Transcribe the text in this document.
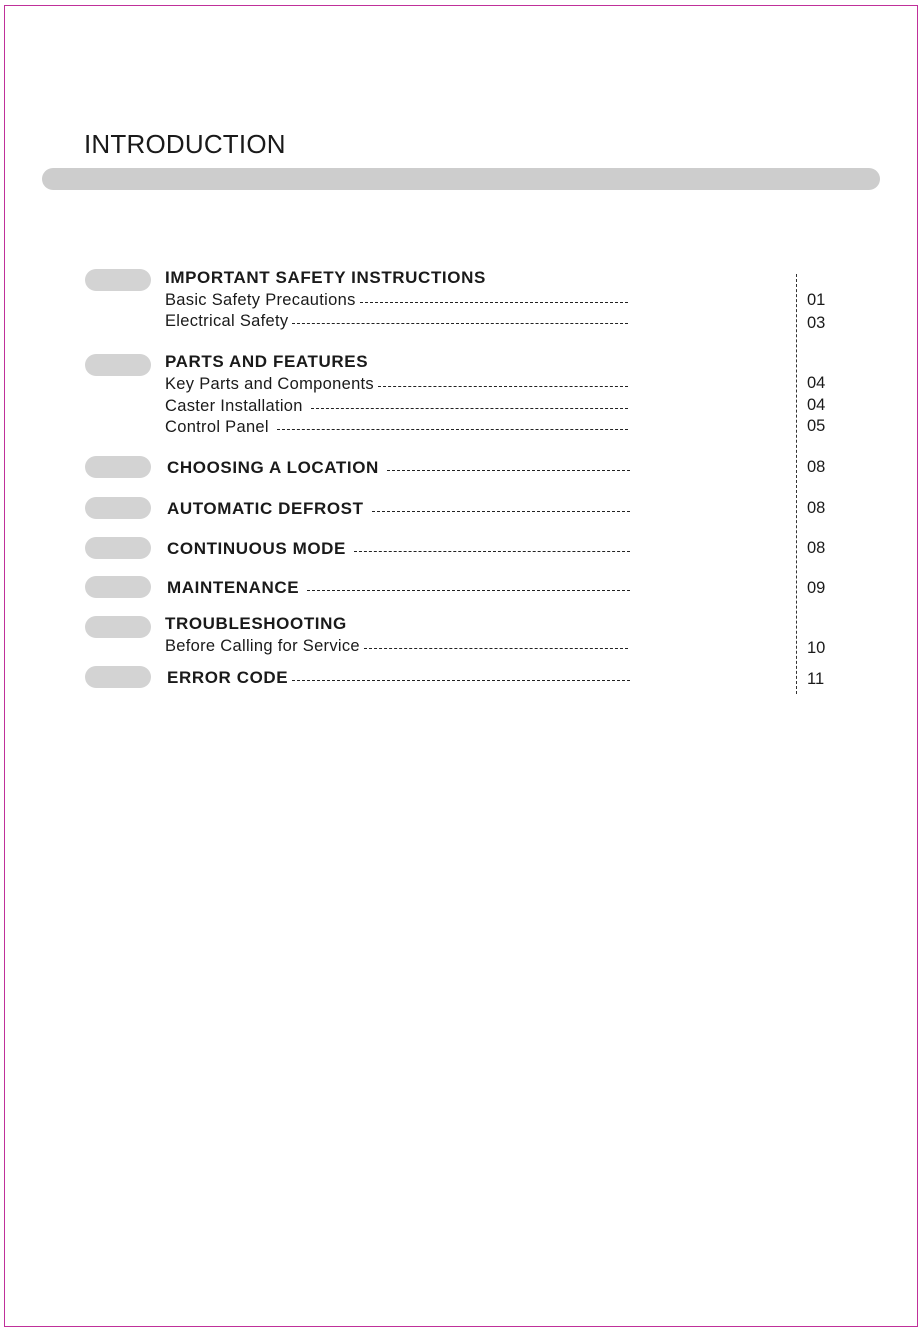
INTRODUCTION
IMPORTANT SAFETY INSTRUCTIONS
Basic Safety Precautions	01
Electrical Safety	03
PARTS AND FEATURES
Key Parts and Components	04
Caster Installation	04
Control Panel	05
CHOOSING A LOCATION	08
AUTOMATIC DEFROST	08
CONTINUOUS MODE	08
MAINTENANCE	09
TROUBLESHOOTING
Before Calling for Service	10
ERROR CODE	11
